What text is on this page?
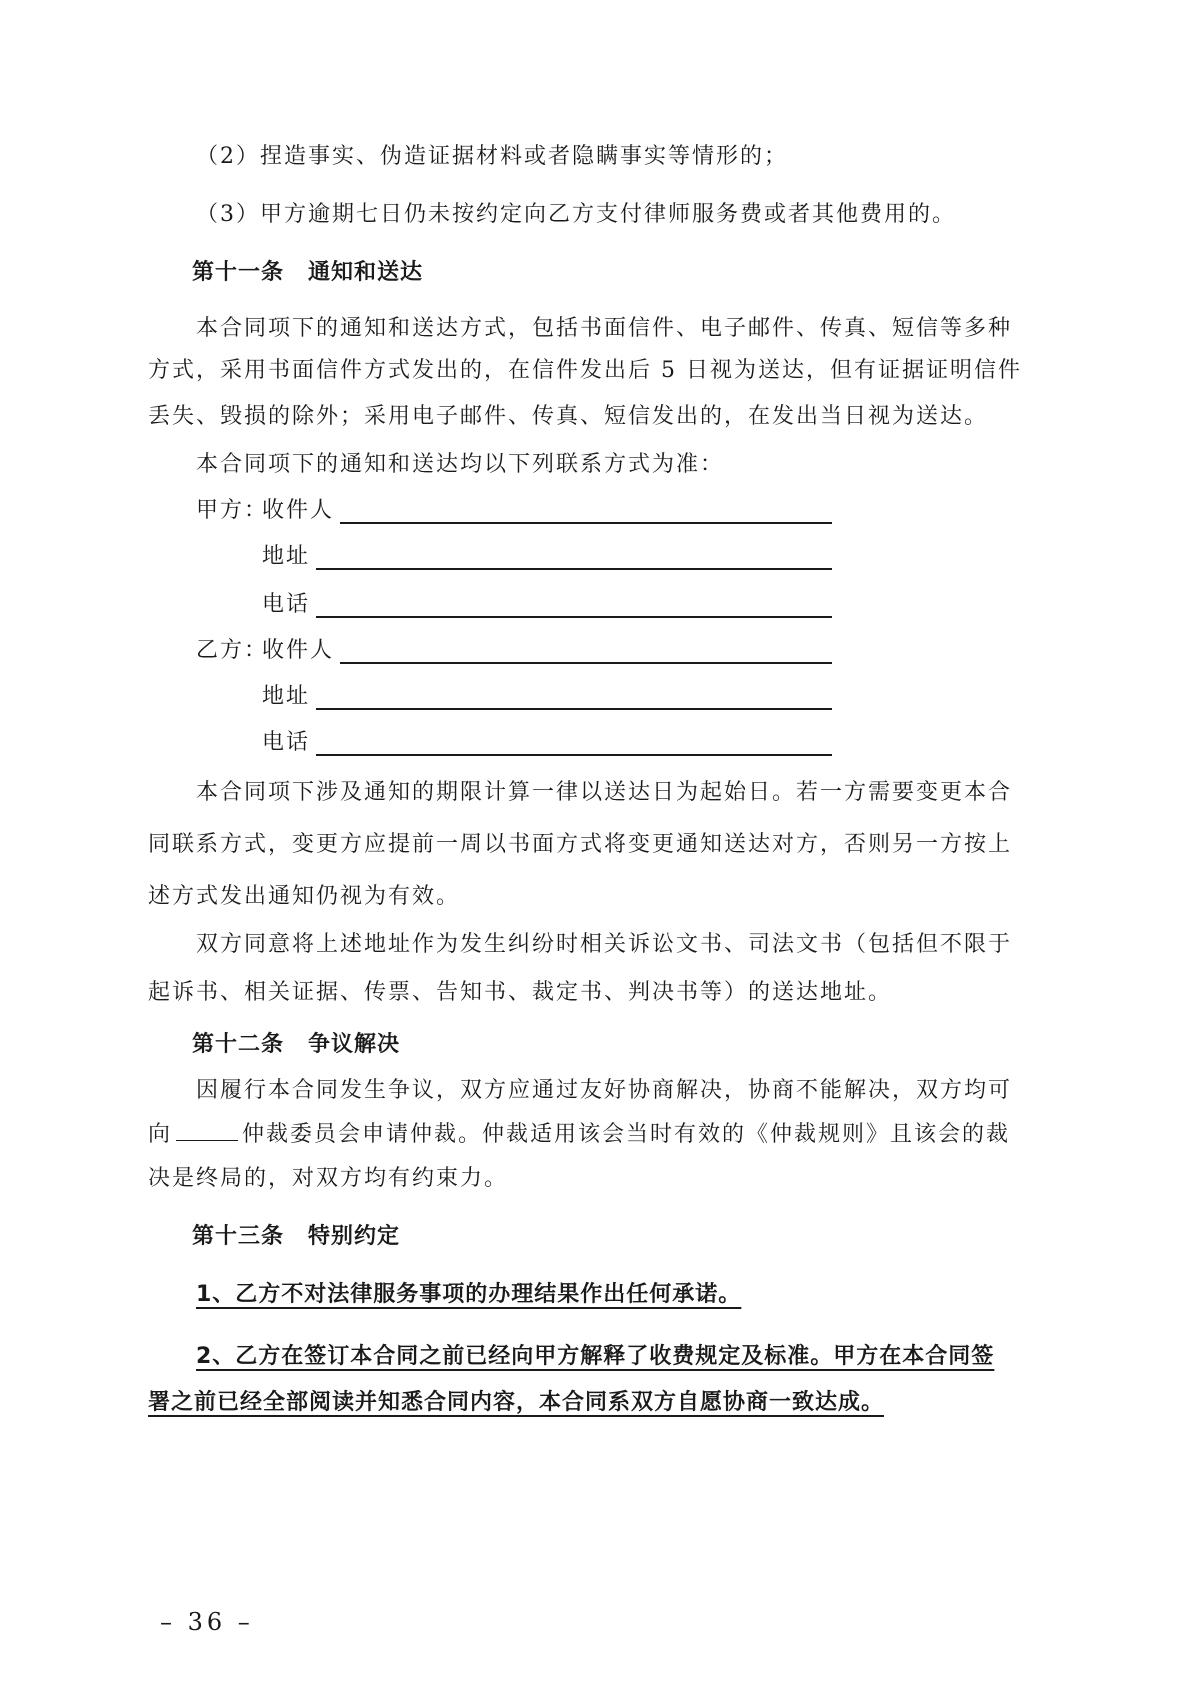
（2）捏造事实、伪造证据材料或者隐瞒事实等情形的；
（3）甲方逾期七日仍未按约定向乙方支付律师服务费或者其他费用的。
第十一条 通知和送达
本合同项下的通知和送达方式，包括书面信件、电子邮件、传真、短信等多种
方式，采用书面信件方式发出的，在信件发出后 5 日视为送达，但有证据证明信件
丢失、毁损的除外；采用电子邮件、传真、短信发出的，在发出当日视为送达。
本合同项下的通知和送达均以下列联系方式为准：
甲方：
收件人
地址
电话
乙方：
收件人
地址
电话
本合同项下涉及通知的期限计算一律以送达日为起始日。若一方需要变更本合
同联系方式，变更方应提前一周以书面方式将变更通知送达对方，否则另一方按上
述方式发出通知仍视为有效。
双方同意将上述地址作为发生纠纷时相关诉讼文书、司法文书（包括但不限于
起诉书、相关证据、传票、告知书、裁定书、判决书等）的送达地址。
第十二条 争议解决
因履行本合同发生争议，双方应通过友好协商解决，协商不能解决，双方均可
向	仲裁委员会申请仲裁。仲裁适用该会当时有效的《仲裁规则》且该会的裁
决是终局的，对双方均有约束力。
第十三条 特别约定
1、乙方不对法律服务事项的办理结果作出任何承诺。
2、乙方在签订本合同之前已经向甲方解释了收费规定及标准。甲方在本合同签
署之前已经全部阅读并知悉合同内容，本合同系双方自愿协商一致达成。
– 36 –
